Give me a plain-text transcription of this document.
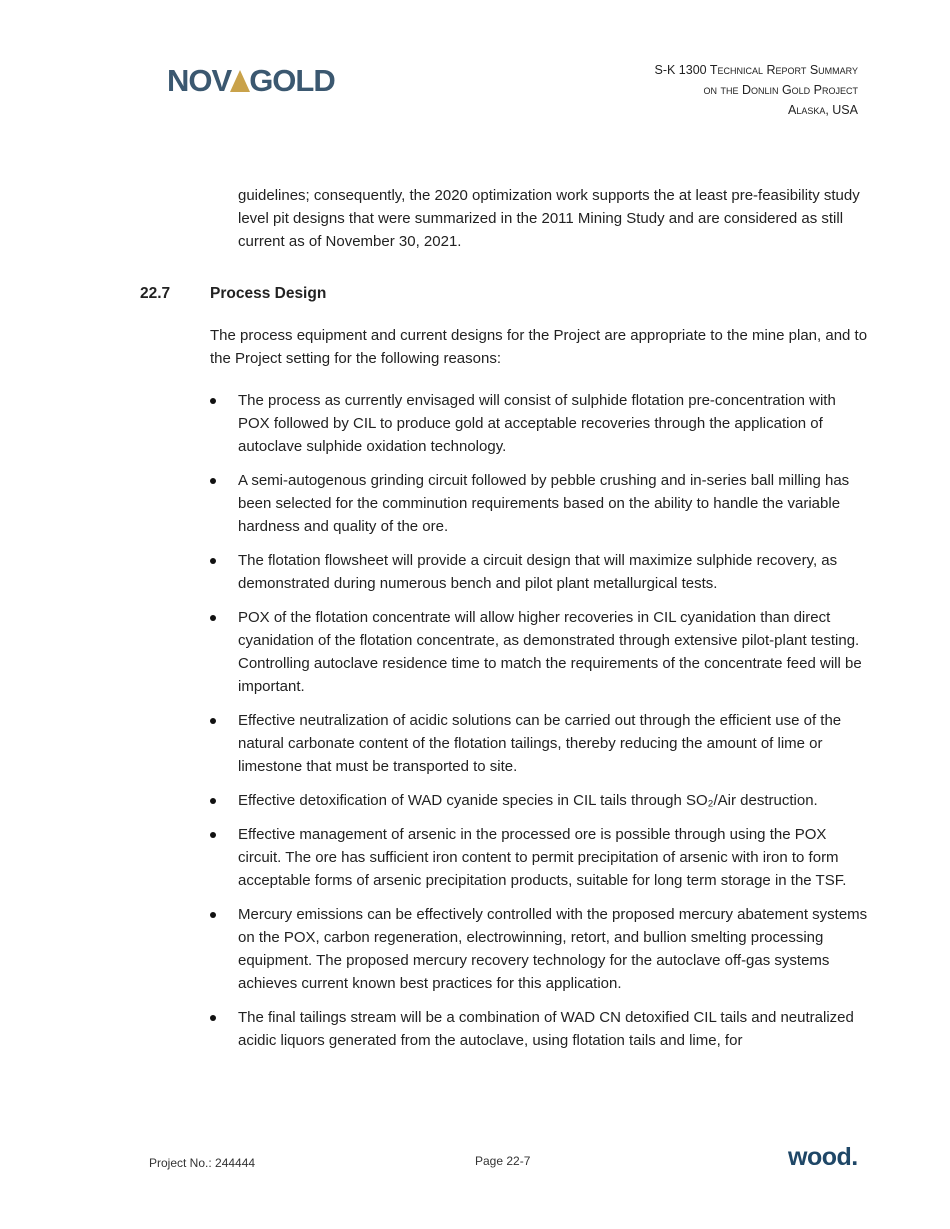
NOV GOLD	S-K 1300 Technical Report Summary
on the Donlin Gold Project
Alaska, USA
guidelines; consequently, the 2020 optimization work supports the at least pre-feasibility study level pit designs that were summarized in the 2011 Mining Study and are considered as still current as of November 30, 2021.
22.7	Process Design
The process equipment and current designs for the Project are appropriate to the mine plan, and to the Project setting for the following reasons:
The process as currently envisaged will consist of sulphide flotation pre-concentration with POX followed by CIL to produce gold at acceptable recoveries through the application of autoclave sulphide oxidation technology.
A semi-autogenous grinding circuit followed by pebble crushing and in-series ball milling has been selected for the comminution requirements based on the ability to handle the variable hardness and quality of the ore.
The flotation flowsheet will provide a circuit design that will maximize sulphide recovery, as demonstrated during numerous bench and pilot plant metallurgical tests.
POX of the flotation concentrate will allow higher recoveries in CIL cyanidation than direct cyanidation of the flotation concentrate, as demonstrated through extensive pilot-plant testing. Controlling autoclave residence time to match the requirements of the concentrate feed will be important.
Effective neutralization of acidic solutions can be carried out through the efficient use of the natural carbonate content of the flotation tailings, thereby reducing the amount of lime or limestone that must be transported to site.
Effective detoxification of WAD cyanide species in CIL tails through SO₂/Air destruction.
Effective management of arsenic in the processed ore is possible through using the POX circuit. The ore has sufficient iron content to permit precipitation of arsenic with iron to form acceptable forms of arsenic precipitation products, suitable for long term storage in the TSF.
Mercury emissions can be effectively controlled with the proposed mercury abatement systems on the POX, carbon regeneration, electrowinning, retort, and bullion smelting processing equipment. The proposed mercury recovery technology for the autoclave off-gas systems achieves current known best practices for this application.
The final tailings stream will be a combination of WAD CN detoxified CIL tails and neutralized acidic liquors generated from the autoclave, using flotation tails and lime, for
Project No.: 244444	Page 22-7	wood.
